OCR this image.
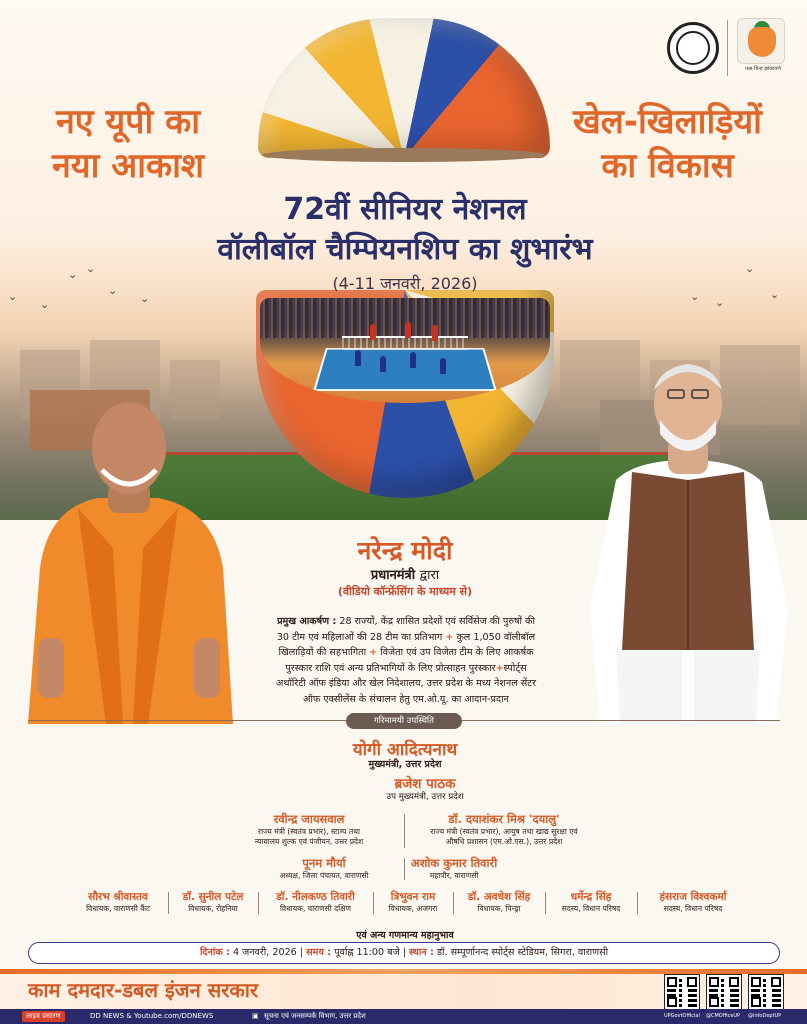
⌄ ⌄
⌄
⌄
⌄
⌄ ⌄
⌄
⌄
⌄
नए यूपी का
नया आकाश
खेल-खिलाड़ियों
का विकास
फस चिन्ह झांकावणे
72वीं सीनियर नेशनल
वॉलीबॉल चैम्पियनशिप का शुभारंभ
(4-11 जनवरी, 2026)
नरेन्द्र मोदी
प्रधानमंत्री द्वारा
(वीडियो कॉन्फ्रेंसिंग के माध्यम से)
प्रमुख आकर्षण : 28 राज्यों, केंद्र शासित प्रदेशों एवं सर्विसेज की पुरुषों की
30 टीम एवं महिलाओं की 28 टीम का प्रतिभाग + कुल 1,050 वॉलीबॉल
खिलाड़ियों की सहभागिता + विजेता एवं उप विजेता टीम के लिए आकर्षक
पुरस्कार राशि एवं अन्य प्रतिभागियों के लिए प्रोत्साहन पुरस्कार+स्पोर्ट्स
अथॉरिटी ऑफ इंडिया और खेल निदेशालय, उत्तर प्रदेश के मध्य नेशनल सेंटर
ऑफ एक्सीलेंस के संचालन हेतु एम.ओ.यू. का आदान-प्रदान
गरिमामयी उपस्थिति
योगी आदित्यनाथ
मुख्यमंत्री, उत्तर प्रदेश
ब्रजेश पाठक
उप मुख्यमंत्री, उत्तर प्रदेश
रवीन्द्र जायसवाल
राज्य मंत्री (स्वतंत्र प्रभार), स्टाम्प तथा
न्यायालय शुल्क एवं पंजीयन, उत्तर प्रदेश
डॉ. दयाशंकर मिश्र 'दयालु'
राज्य मंत्री (स्वतंत्र प्रभार), आयुष तथा खाद्य सुरक्षा एवं
औषधि प्रशासन (एम.ओ.एस.), उत्तर प्रदेश
पूनम मौर्या
अध्यक्ष, जिला पंचायत, वाराणसी
अशोक कुमार तिवारी
महापौर, वाराणसी
सौरभ श्रीवास्तव
विधायक, वाराणसी कैंट
डॉ. सुनील पटेल
विधायक, रोहनिया
डॉ. नीलकण्ठ तिवारी
विधायक, वाराणसी दक्षिण
त्रिभुवन राम
विधायक, अजगरा
डॉ. अवधेश सिंह
विधायक, पिन्ड्रा
धर्मेन्द्र सिंह
सदस्य, विधान परिषद
हंसराज विश्वकर्मा
सदस्य, विधान परिषद
एवं अन्य गणमान्य महानुभाव
दिनांक : 4 जनवरी, 2026 | समय : पूर्वाह्न 11:00 बजे | स्थान : डॉ. सम्पूर्णानन्द स्पोर्ट्स स्टेडियम, सिगरा, वाराणसी
काम दमदार-डबल इंजन सरकार
लाइव प्रसारण	DD NEWS & Youtube.com/DDNEWS	▣ सूचना एवं जनसम्पर्क विभाग, उत्तर प्रदेश	UPGovtOfficial @CMOfficeUP @InfoDeptUP
